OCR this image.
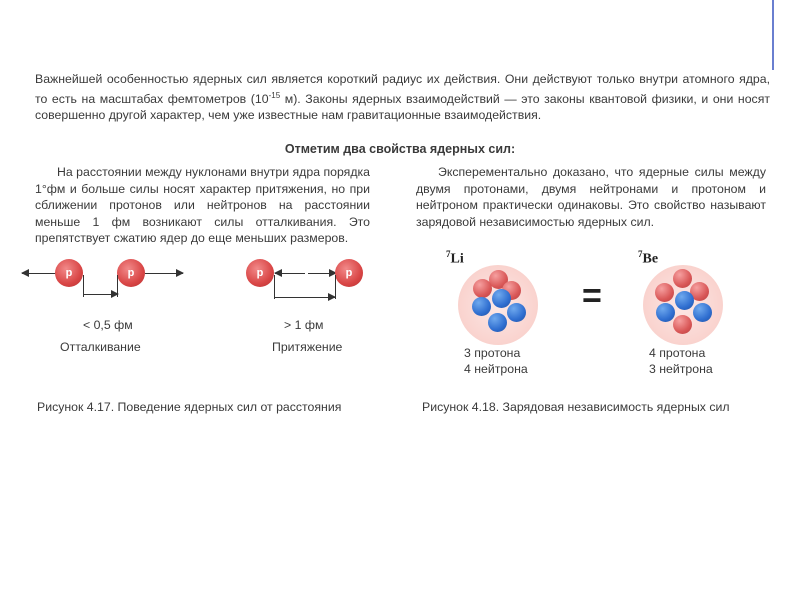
Важнейшей особенностью ядерных сил является короткий радиус их действия. Они действуют только внутри атомного ядра, то есть на масштабах фемтометров ($10^{-15}$ м). Законы ядерных взаимодействий — это законы квантовой физики, и они носят совершенно другой характер, чем уже известные нам гравитационные взаимодействия.

Отметим два свойства ядерных сил:

На расстоянии между нуклонами внутри ядра порядка 1°фм и больше силы носят характер притяжения, но при сближении протонов или нейтронов на расстоянии меньше 1 фм возникают силы отталкивания. Это препятствует сжатию ядер до еще меньших размеров.

Эксперементально доказано, что ядерные силы между двумя протонами, двумя нейтронами и протоном и нейтроном практически одинаковы. Это свойство называют зарядовой независимостью ядерных сил.

p	p
< 0,5 фм
Отталкивание
p	p
> 1 фм
Притяжение
Рисунок 4.17. Поведение ядерных сил от расстояния
$^7$Li
3 протона
4 нейтрона
=
$^7$Be
4 протона
3 нейтрона
Рисунок 4.18. Зарядовая независимость ядерных сил
